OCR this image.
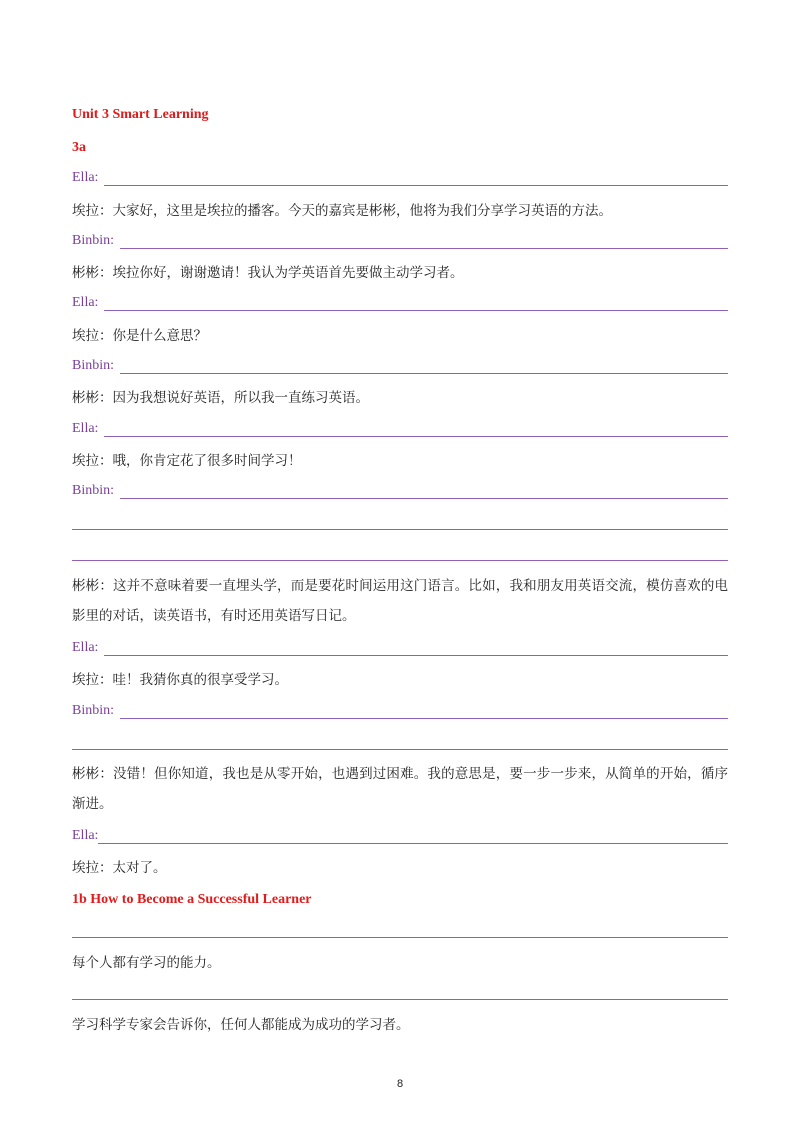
Unit 3 Smart Learning
3a
Ella:
埃拉：大家好，这里是埃拉的播客。今天的嘉宾是彬彬，他将为我们分享学习英语的方法。
Binbin:
彬彬：埃拉你好，谢谢邀请！我认为学英语首先要做主动学习者。
Ella:
埃拉：你是什么意思？
Binbin:
彬彬：因为我想说好英语，所以我一直练习英语。
Ella:
埃拉：哦，你肯定花了很多时间学习！
Binbin:
彬彬：这并不意味着要一直埋头学，而是要花时间运用这门语言。比如，我和朋友用英语交流，模仿喜欢的电影里的对话，读英语书，有时还用英语写日记。
Ella:
埃拉：哇！我猜你真的很享受学习。
Binbin:
彬彬：没错！但你知道，我也是从零开始，也遇到过困难。我的意思是，要一步一步来，从简单的开始，循序渐进。
Ella:
埃拉：太对了。
1b How to Become a Successful Learner
每个人都有学习的能力。
学习科学专家会告诉你，任何人都能成为成功的学习者。
8
